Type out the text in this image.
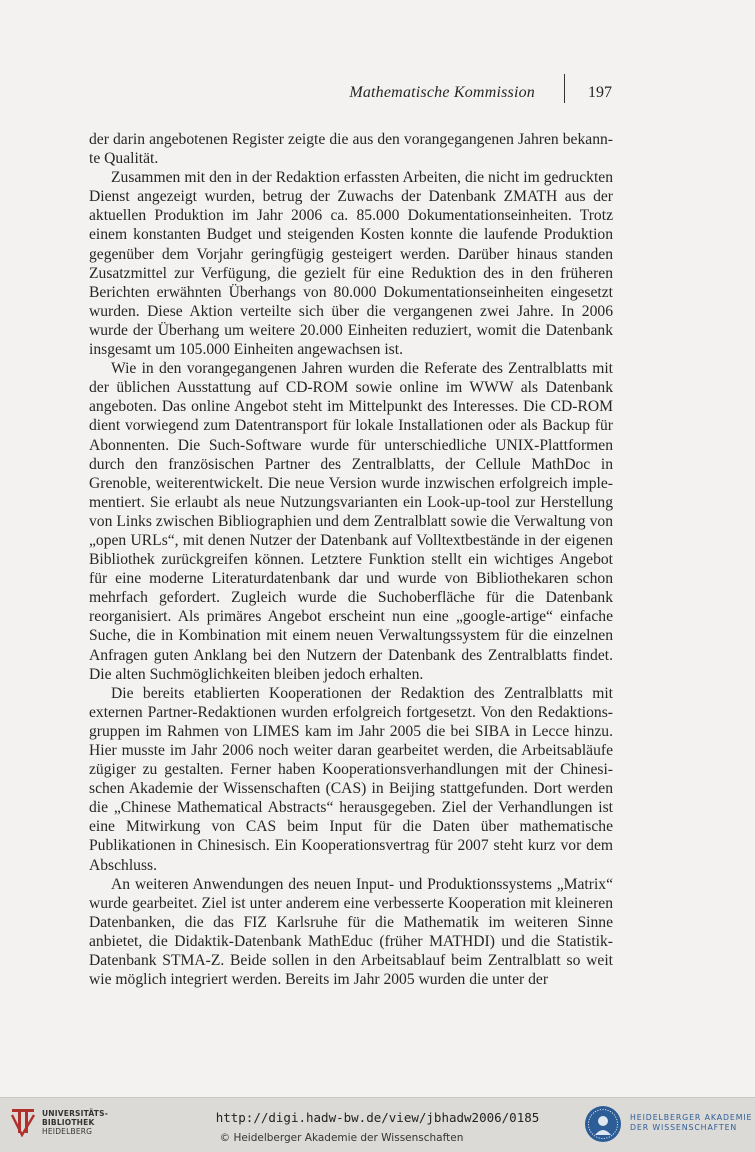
Mathematische Kommission	197

der darin angebotenen Register zeigte die aus den vorangegangenen Jahren bekannte Qualität.

Zusammen mit den in der Redaktion erfassten Arbeiten, die nicht im gedruckten Dienst angezeigt wurden, betrug der Zuwachs der Datenbank ZMATH aus der aktuellen Produktion im Jahr 2006 ca. 85.000 Dokumentationseinheiten. Trotz einem konstanten Budget und steigenden Kosten konnte die laufende Produktion gegenüber dem Vorjahr geringfügig gesteigert werden. Darüber hinaus standen Zusatzmittel zur Verfügung, die gezielt für eine Reduktion des in den früheren Berichten erwähnten Überhangs von 80.000 Dokumentationseinheiten eingesetzt wurden. Diese Aktion verteilte sich über die vergangenen zwei Jahre. In 2006 wurde der Überhang um weitere 20.000 Einheiten reduziert, womit die Datenbank insgesamt um 105.000 Einheiten angewachsen ist.

Wie in den vorangegangenen Jahren wurden die Referate des Zentralblatts mit der üblichen Ausstattung auf CD-ROM sowie online im WWW als Datenbank angeboten. Das online Angebot steht im Mittelpunkt des Interesses. Die CD-ROM dient vorwiegend zum Datentransport für lokale Installationen oder als Backup für Abonnenten. Die Such-Software wurde für unterschiedliche UNIX-Plattformen durch den französischen Partner des Zentralblatts, der Cellule MathDoc in Grenoble, weiterentwickelt. Die neue Version wurde inzwischen erfolgreich implementiert. Sie erlaubt als neue Nutzungsvarianten ein Look-up-tool zur Herstellung von Links zwischen Bibliographien und dem Zentralblatt sowie die Verwaltung von „open URLs“, mit denen Nutzer der Datenbank auf Volltextbestände in der eigenen Bibliothek zurückgreifen können. Letztere Funktion stellt ein wichtiges Angebot für eine moderne Literaturdatenbank dar und wurde von Bibliothekaren schon mehrfach gefordert. Zugleich wurde die Suchoberfläche für die Datenbank reorganisiert. Als primäres Angebot erscheint nun eine „google-artige“ einfache Suche, die in Kombination mit einem neuen Verwaltungssystem für die einzelnen Anfragen guten Anklang bei den Nutzern der Datenbank des Zentralblatts findet. Die alten Suchmöglichkeiten bleiben jedoch erhalten.

Die bereits etablierten Kooperationen der Redaktion des Zentralblatts mit externen Partner-Redaktionen wurden erfolgreich fortgesetzt. Von den Redaktionsgruppen im Rahmen von LIMES kam im Jahr 2005 die bei SIBA in Lecce hinzu. Hier musste im Jahr 2006 noch weiter daran gearbeitet werden, die Arbeitsabläufe zügiger zu gestalten. Ferner haben Kooperationsverhandlungen mit der Chinesischen Akademie der Wissenschaften (CAS) in Beijing stattgefunden. Dort werden die „Chinese Mathematical Abstracts“ herausgegeben. Ziel der Verhandlungen ist eine Mitwirkung von CAS beim Input für die Daten über mathematische Publikationen in Chinesisch. Ein Kooperationsvertrag für 2007 steht kurz vor dem Abschluss.

An weiteren Anwendungen des neuen Input- und Produktionssystems „Matrix“ wurde gearbeitet. Ziel ist unter anderem eine verbesserte Kooperation mit kleineren Datenbanken, die das FIZ Karlsruhe für die Mathematik im weiteren Sinne anbietet, die Didaktik-Datenbank MathEduc (früher MATHDI) und die Statistik-Datenbank STMA-Z. Beide sollen in den Arbeitsablauf beim Zentralblatt so weit wie möglich integriert werden. Bereits im Jahr 2005 wurden die unter der

UNIVERSITÄTS-
BIBLIOTHEK
HEIDELBERG
http://digi.hadw-bw.de/view/jbhadw2006/0185
© Heidelberger Akademie der Wissenschaften
HEIDELBERGER AKADEMIE
DER WISSENSCHAFTEN
